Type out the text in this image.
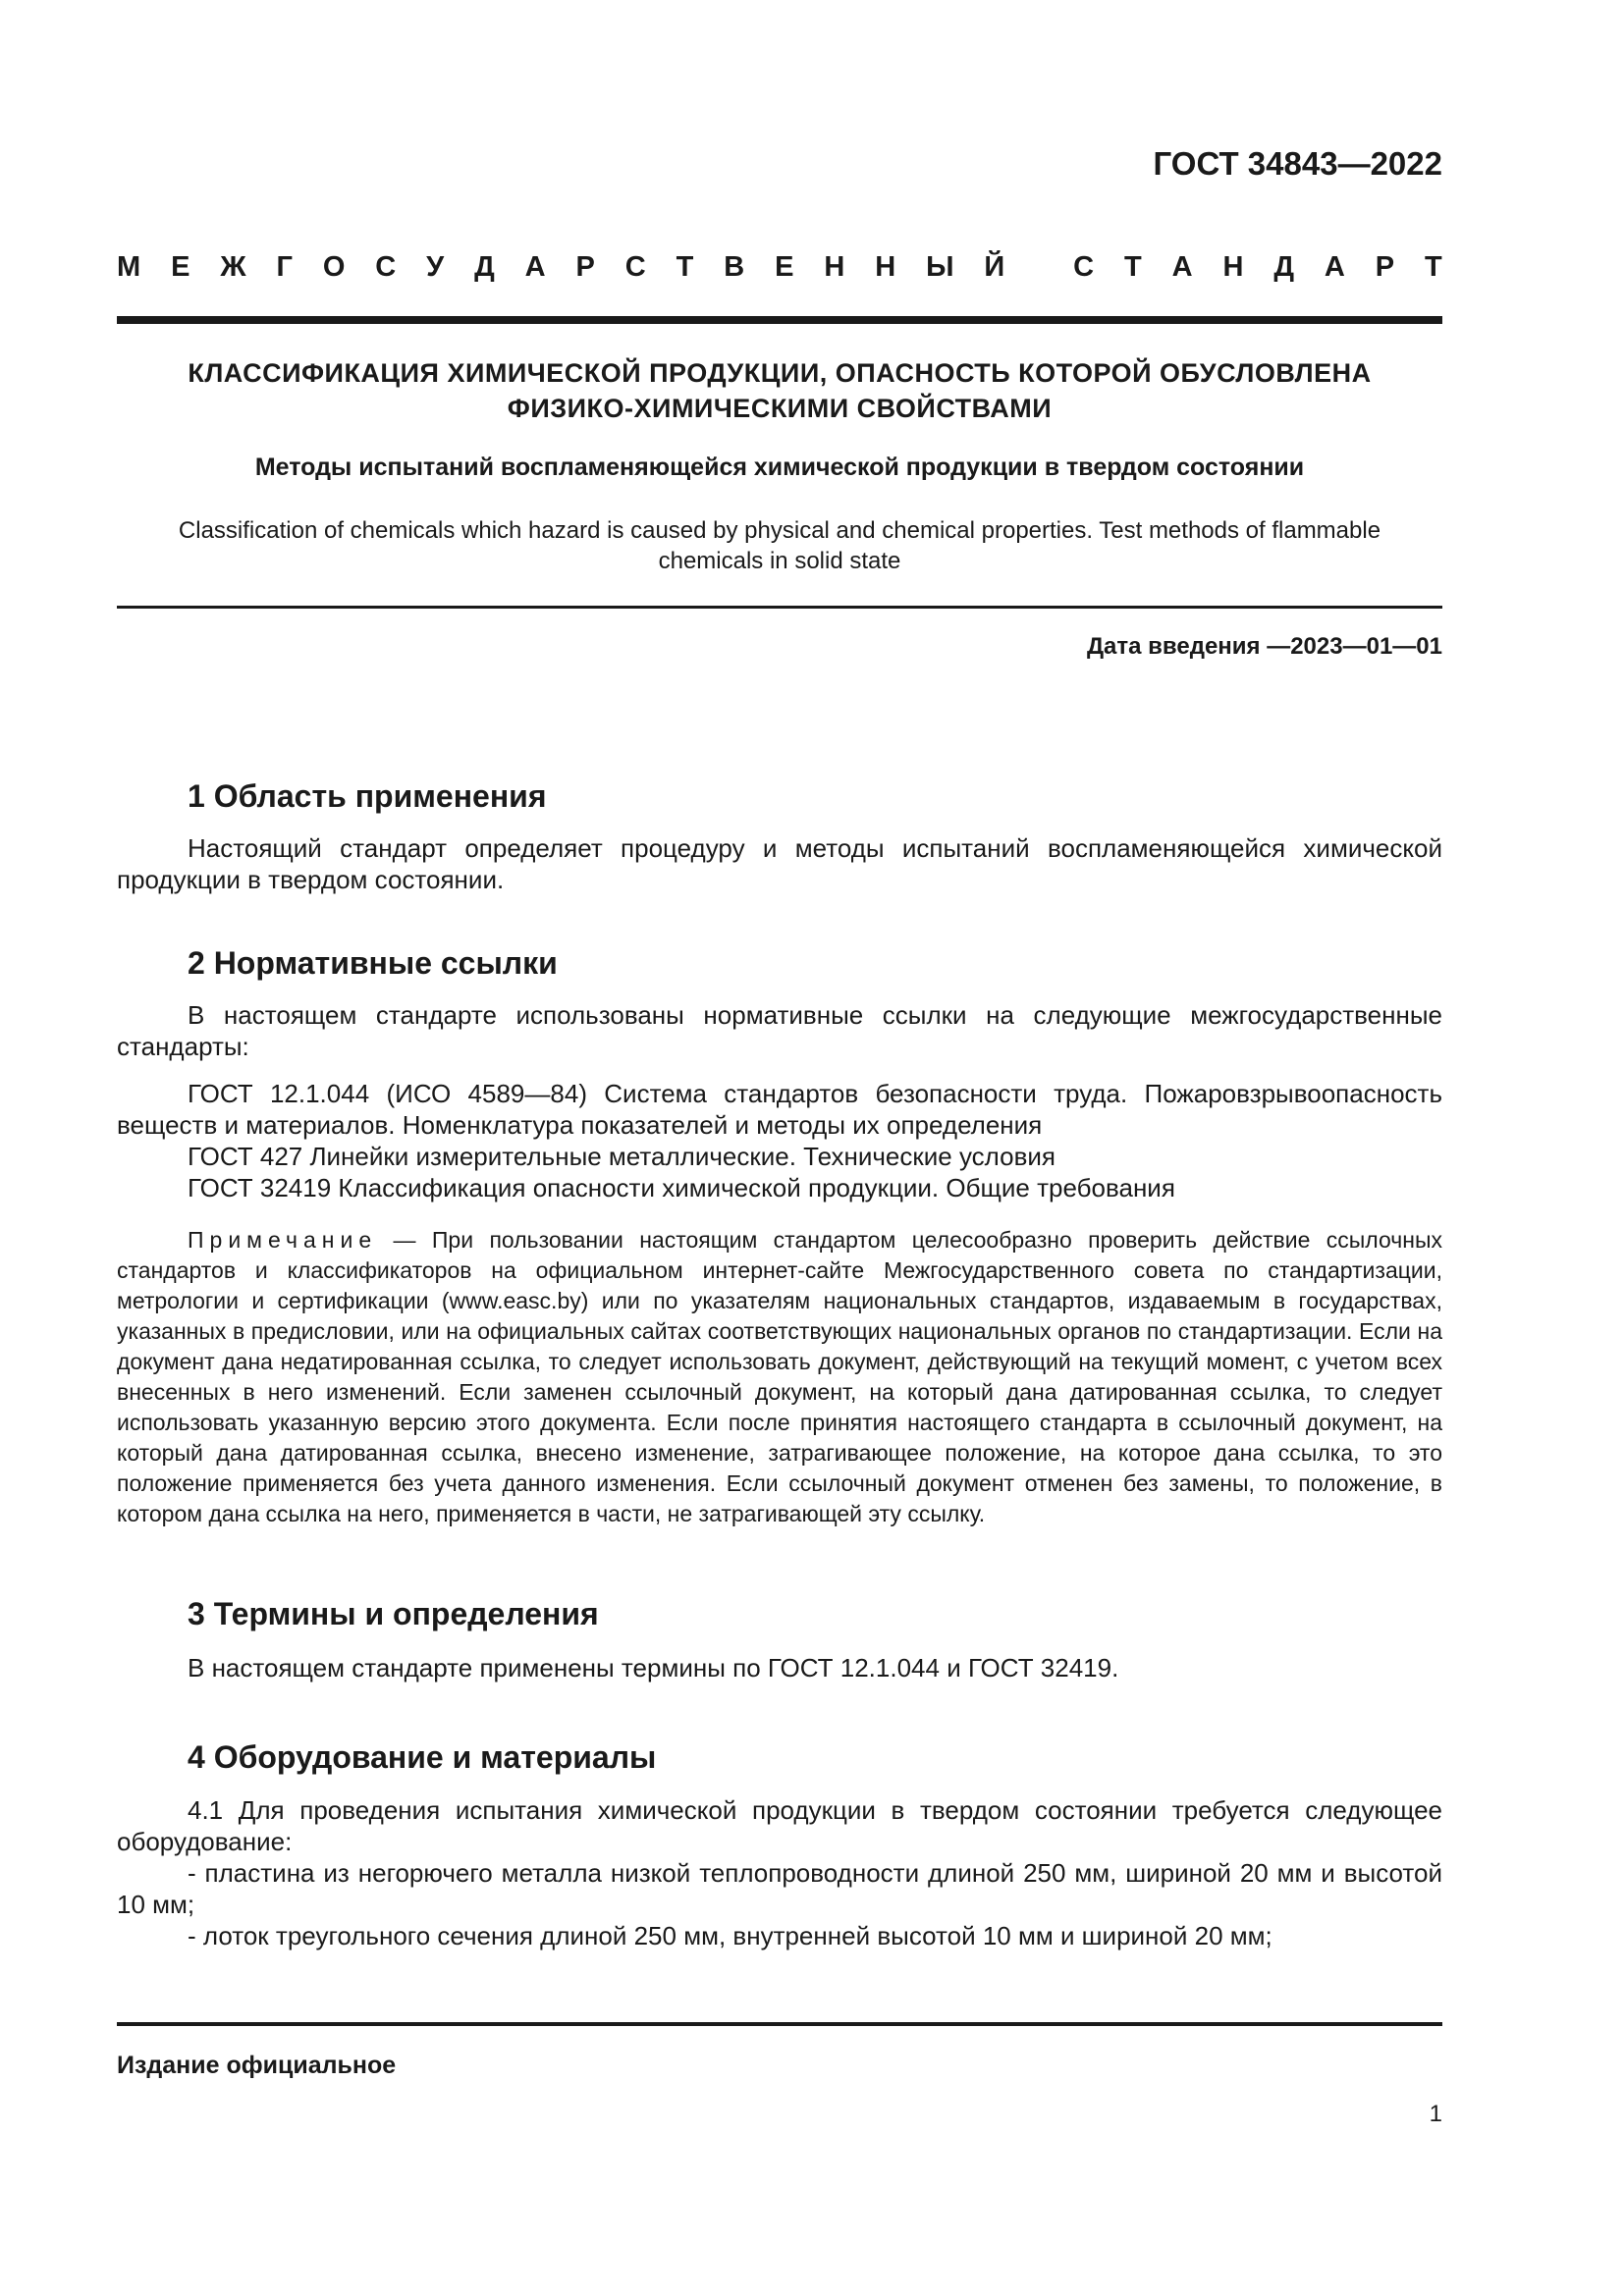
ГОСТ 34843—2022
М Е Ж Г О С У Д А Р С Т В Е Н Н Ы Й
С Т А Н Д А Р Т
КЛАССИФИКАЦИЯ ХИМИЧЕСКОЙ ПРОДУКЦИИ, ОПАСНОСТЬ КОТОРОЙ ОБУСЛОВЛЕНА
ФИЗИКО-ХИМИЧЕСКИМИ СВОЙСТВАМИ
Методы испытаний воспламеняющейся химической продукции в твердом состоянии
Classification of chemicals which hazard is caused by physical and chemical properties. Test methods of flammable
chemicals in solid state
Дата введения —2023—01—01
1 Область применения

Настоящий стандарт определяет процедуру и методы испытаний воспламеняющейся химической продукции в твердом состоянии.

2 Нормативные ссылки

В настоящем стандарте использованы нормативные ссылки на следующие межгосударственные стандарты:

ГОСТ 12.1.044 (ИСО 4589—84) Система стандартов безопасности труда. Пожаровзрывоопасность веществ и материалов. Номенклатура показателей и методы их определения

ГОСТ 427 Линейки измерительные металлические. Технические условия

ГОСТ 32419 Классификация опасности химической продукции. Общие требования

Примечание — При пользовании настоящим стандартом целесообразно проверить действие ссылочных стандартов и классификаторов на официальном интернет-сайте Межгосударственного совета по стандартизации, метрологии и сертификации (www.easc.by) или по указателям национальных стандартов, издаваемым в государствах, указанных в предисловии, или на официальных сайтах соответствующих национальных органов по стандартизации. Если на документ дана недатированная ссылка, то следует использовать документ, действующий на текущий момент, с учетом всех внесенных в него изменений. Если заменен ссылочный документ, на который дана датированная ссылка, то следует использовать указанную версию этого документа. Если после принятия настоящего стандарта в ссылочный документ, на который дана датированная ссылка, внесено изменение, затрагивающее положение, на которое дана ссылка, то это положение применяется без учета данного изменения. Если ссылочный документ отменен без замены, то положение, в котором дана ссылка на него, применяется в части, не затрагивающей эту ссылку.

3 Термины и определения

В настоящем стандарте применены термины по ГОСТ 12.1.044 и ГОСТ 32419.

4 Оборудование и материалы

4.1 Для проведения испытания химической продукции в твердом состоянии требуется следующее оборудование:

- пластина из негорючего металла низкой теплопроводности длиной 250 мм, шириной 20 мм и высотой 10 мм;

- лоток треугольного сечения длиной 250 мм, внутренней высотой 10 мм и шириной 20 мм;

Издание официальное
1
